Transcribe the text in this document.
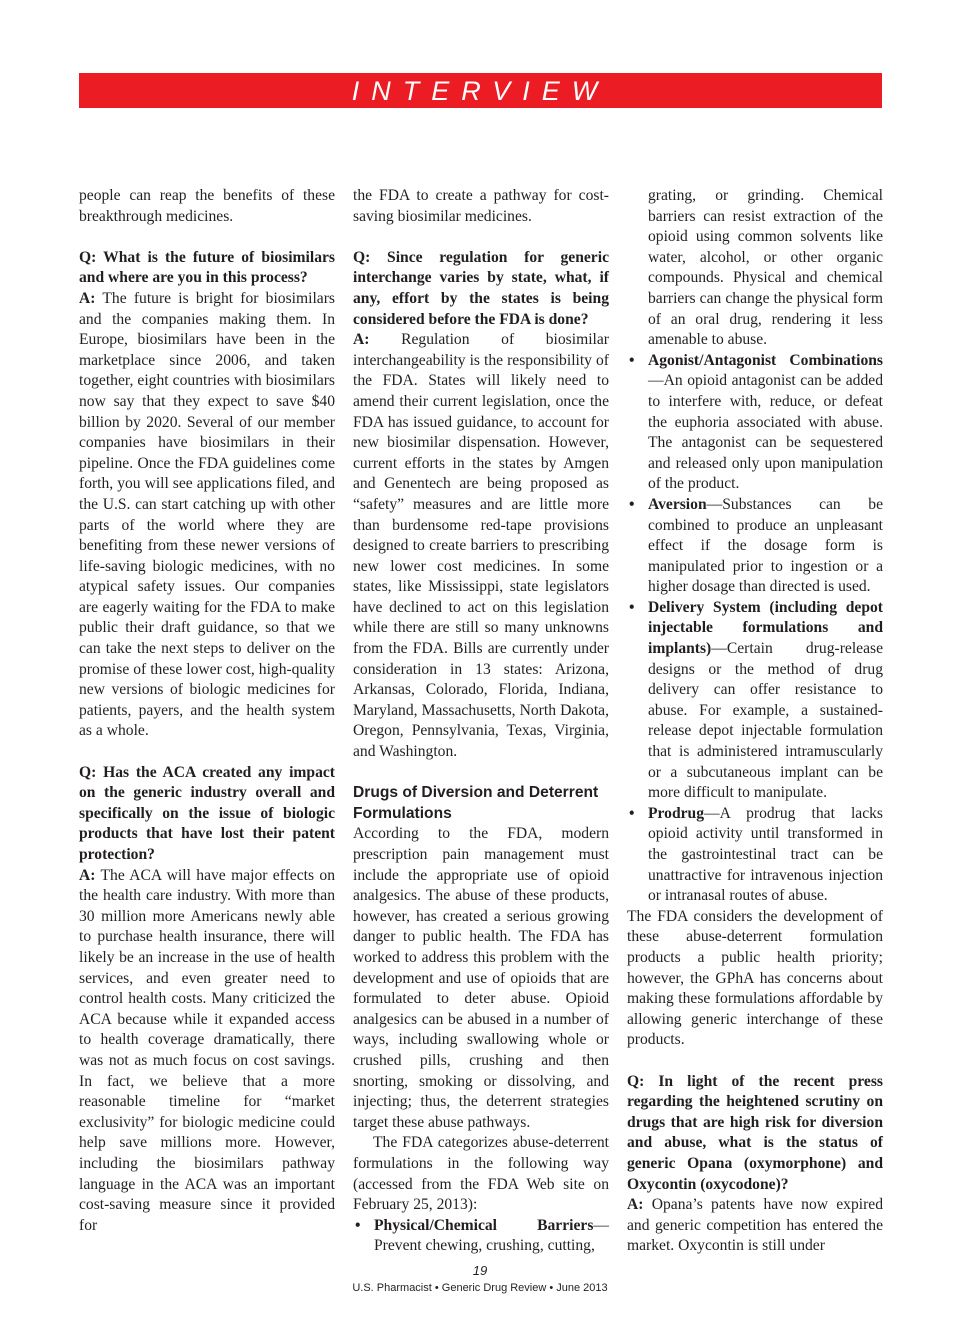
INTERVIEW

people can reap the benefits of these breakthrough medicines.

Q: What is the future of biosimilars and where are you in this process?

A: The future is bright for biosimilars and the companies making them. In Europe, biosimilars have been in the marketplace since 2006, and taken together, eight countries with biosimilars now say that they expect to save $40 billion by 2020. Several of our member companies have biosimilars in their pipeline. Once the FDA guidelines come forth, you will see applications filed, and the U.S. can start catching up with other parts of the world where they are benefiting from these newer versions of life-saving biologic medicines, with no atypical safety issues. Our companies are eagerly waiting for the FDA to make public their draft guidance, so that we can take the next steps to deliver on the promise of these lower cost, high-quality new versions of biologic medicines for patients, payers, and the health system as a whole.

Q: Has the ACA created any impact on the generic industry overall and specifically on the issue of biologic products that have lost their patent protection?

A: The ACA will have major effects on the health care industry. With more than 30 million more Americans newly able to purchase health insurance, there will likely be an increase in the use of health services, and even greater need to control health costs. Many criticized the ACA because while it expanded access to health coverage dramatically, there was not as much focus on cost savings. In fact, we believe that a more reasonable timeline for “market exclusivity” for biologic medicine could help save millions more. However, including the biosimilars pathway language in the ACA was an important cost-saving measure since it provided for

the FDA to create a pathway for cost-saving biosimilar medicines.

Q: Since regulation for generic interchange varies by state, what, if any, effort by the states is being considered before the FDA is done?

A: Regulation of biosimilar interchangeability is the responsibility of the FDA. States will likely need to amend their current legislation, once the FDA has issued guidance, to account for new biosimilar dispensation. However, current efforts in the states by Amgen and Genentech are being proposed as “safety” measures and are little more than burdensome red-tape provisions designed to create barriers to prescribing new lower cost medicines. In some states, like Mississippi, state legislators have declined to act on this legislation while there are still so many unknowns from the FDA. Bills are currently under consideration in 13 states: Arizona, Arkansas, Colorado, Florida, Indiana, Maryland, Massachusetts, North Dakota, Oregon, Pennsylvania, Texas, Virginia, and Washington.

Drugs of Diversion and Deterrent Formulations

According to the FDA, modern prescription pain management must include the appropriate use of opioid analgesics. The abuse of these products, however, has created a serious growing danger to public health. The FDA has worked to address this problem with the development and use of opioids that are formulated to deter abuse. Opioid analgesics can be abused in a number of ways, including swallowing whole or crushed pills, crushing and then snorting, smoking or dissolving, and injecting; thus, the deterrent strategies target these abuse pathways.

The FDA categorizes abuse-deterrent formulations in the following way (accessed from the FDA Web site on February 25, 2013):

• Physical/Chemical Barriers—Prevent chewing, crushing, cutting,

grating, or grinding. Chemical barriers can resist extraction of the opioid using common solvents like water, alcohol, or other organic compounds. Physical and chemical barriers can change the physical form of an oral drug, rendering it less amenable to abuse.

• Agonist/Antagonist Combinations—An opioid antagonist can be added to interfere with, reduce, or defeat the euphoria associated with abuse. The antagonist can be sequestered and released only upon manipulation of the product.
• Aversion—Substances can be combined to produce an unpleasant effect if the dosage form is manipulated prior to ingestion or a higher dosage than directed is used.
• Delivery System (including depot injectable formulations and implants)—Certain drug-release designs or the method of drug delivery can offer resistance to abuse. For example, a sustained-release depot injectable formulation that is administered intramuscularly or a subcutaneous implant can be more difficult to manipulate.
• Prodrug—A prodrug that lacks opioid activity until transformed in the gastrointestinal tract can be unattractive for intravenous injection or intranasal routes of abuse.

The FDA considers the development of these abuse-deterrent formulation products a public health priority; however, the GPhA has concerns about making these formulations affordable by allowing generic interchange of these products.

Q: In light of the recent press regarding the heightened scrutiny on drugs that are high risk for diversion and abuse, what is the status of generic Opana (oxymorphone) and Oxycontin (oxycodone)?

A: Opana’s patents have now expired and generic competition has entered the market. Oxycontin is still under

19
U.S. Pharmacist • Generic Drug Review • June 2013
